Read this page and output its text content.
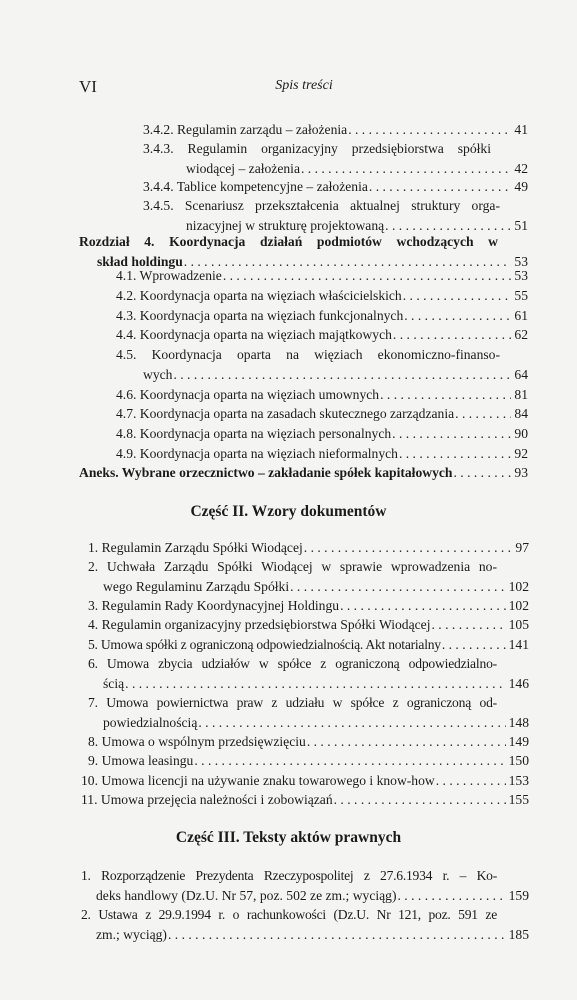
VI	Spis treści
3.4.2. Regulamin zarządu – założenia . . .	41
3.4.3. Regulamin organizacyjny przedsiębiorstwa spółki
wiodącej – założenia . . .	42
3.4.4. Tablice kompetencyjne – założenia . . .	49
3.4.5. Scenariusz przekształcenia aktualnej struktury orga-
nizacyjnej w strukturę projektowaną . . .	51
Rozdział 4. Koordynacja działań podmiotów wchodzących w
skład holdingu . . .	53
4.1. Wprowadzenie . . .	53
4.2. Koordynacja oparta na więziach właścicielskich . . .	55
4.3. Koordynacja oparta na więziach funkcjonalnych . . .	61
4.4. Koordynacja oparta na więziach majątkowych . . .	62
4.5. Koordynacja oparta na więziach ekonomiczno-finanso-
wych . . .	64
4.6. Koordynacja oparta na więziach umownych . . .	81
4.7. Koordynacja oparta na zasadach skutecznego zarządzania . . .	84
4.8. Koordynacja oparta na więziach personalnych . . .	90
4.9. Koordynacja oparta na więziach nieformalnych . . .	92
Aneks. Wybrane orzecznictwo – zakładanie spółek kapitałowych . . .	93
Część II. Wzory dokumentów
1. Regulamin Zarządu Spółki Wiodącej . . .	97
2. Uchwała Zarządu Spółki Wiodącej w sprawie wprowadzenia no-
wego Regulaminu Zarządu Spółki . . .	102
3. Regulamin Rady Koordynacyjnej Holdingu . . .	102
4. Regulamin organizacyjny przedsiębiorstwa Spółki Wiodącej . . .	105
5. Umowa spółki z ograniczoną odpowiedzialnością. Akt notarialny . . .	141
6. Umowa zbycia udziałów w spółce z ograniczoną odpowiedzialno-
ścią . . .	146
7. Umowa powiernictwa praw z udziału w spółce z ograniczoną od-
powiedzialnością . . .	148
8. Umowa o wspólnym przedsięwzięciu . . .	149
9. Umowa leasingu . . .	150
10. Umowa licencji na używanie znaku towarowego i know-how . . .	153
11. Umowa przejęcia należności i zobowiązań . . .	155
Część III. Teksty aktów prawnych
1. Rozporządzenie Prezydenta Rzeczypospolitej z 27.6.1934 r. – Ko-
deks handlowy (Dz.U. Nr 57, poz. 502 ze zm.; wyciąg) . . .	159
2. Ustawa z 29.9.1994 r. o rachunkowości (Dz.U. Nr 121, poz. 591 ze
zm.; wyciąg) . . .	185
